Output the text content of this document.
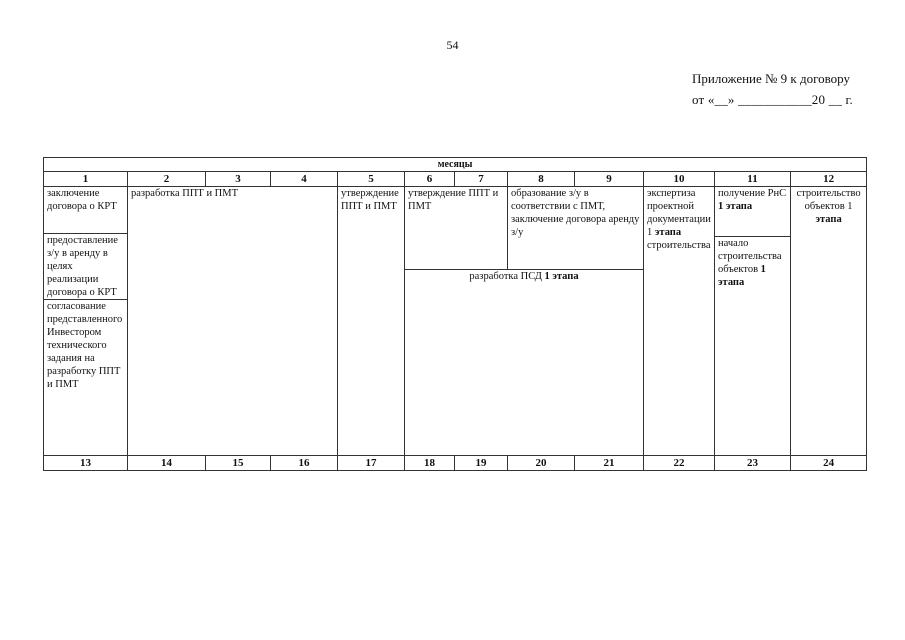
54
Приложение № 9 к договору
от «__» ___________20 __ г.
месяцы											
1	2	3	4	5	6	7	8	9	10	11	12
заключение договора о КРТ	разработка ППТ и ПМТ			утверждение ППТ и ПМТ	утверждение ППТ и ПМТ		образование з/у в соответствии с ПМТ, заключение договора аренду з/у		экспертиза проектной документации 1 этапа строительства	получение РнС 1 этапа	строительство объектов 1 этапа
предоставление з/у в аренду в целях реализации договора о КРТ											
										начало строительства объектов 1 этапа	
					разработка ПСД 1 этапа						
согласование представленного Инвестором технического задания на разработку ППТ и ПМТ											
13	14	15	16	17	18	19	20	21	22	23	24
